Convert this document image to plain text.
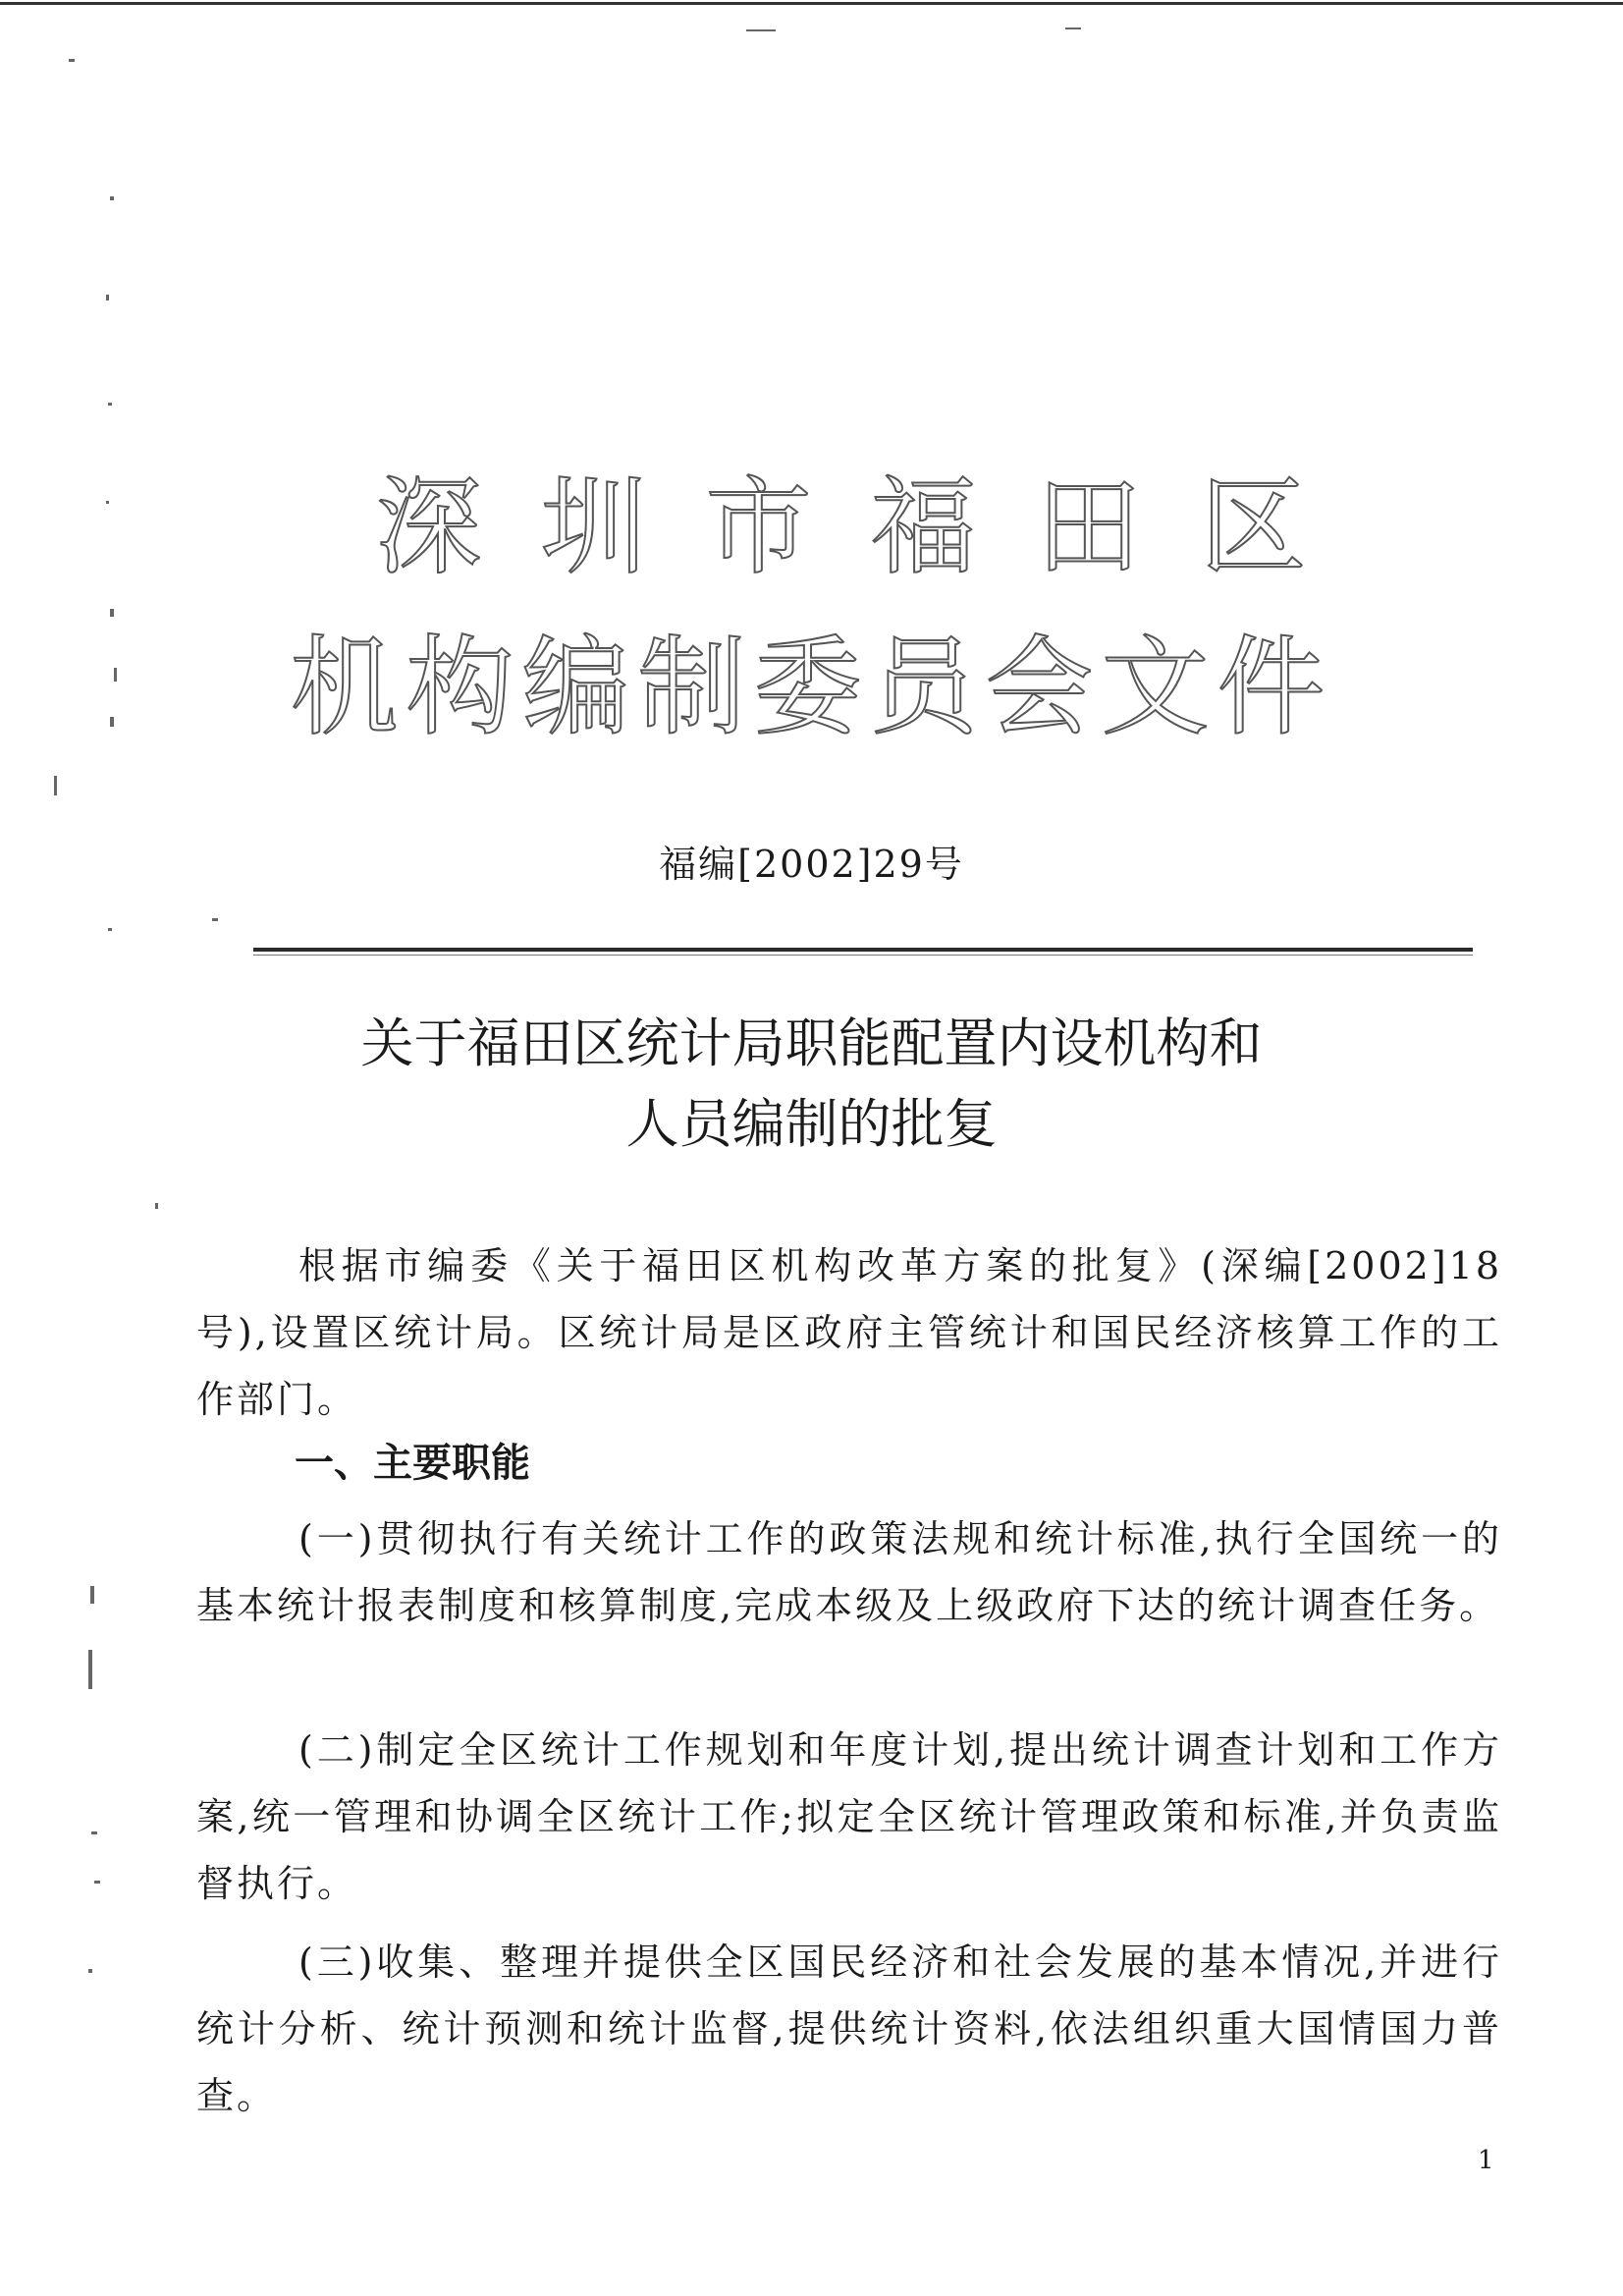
深圳市福田区
机构编制委员会文件
福编[2002]29号
关于福田区统计局职能配置内设机构和
人员编制的批复
根据市编委《关于福田区机构改革方案的批复》(深编[2002]18号),设置区统计局。区统计局是区政府主管统计和国民经济核算工作的工作部门。
一、主要职能
(一)贯彻执行有关统计工作的政策法规和统计标准,执行全国统一的基本统计报表制度和核算制度,完成本级及上级政府下达的统计调查任务。
(二)制定全区统计工作规划和年度计划,提出统计调查计划和工作方案,统一管理和协调全区统计工作;拟定全区统计管理政策和标准,并负责监督执行。
(三)收集、整理并提供全区国民经济和社会发展的基本情况,并进行统计分析、统计预测和统计监督,提供统计资料,依法组织重大国情国力普查。
1
